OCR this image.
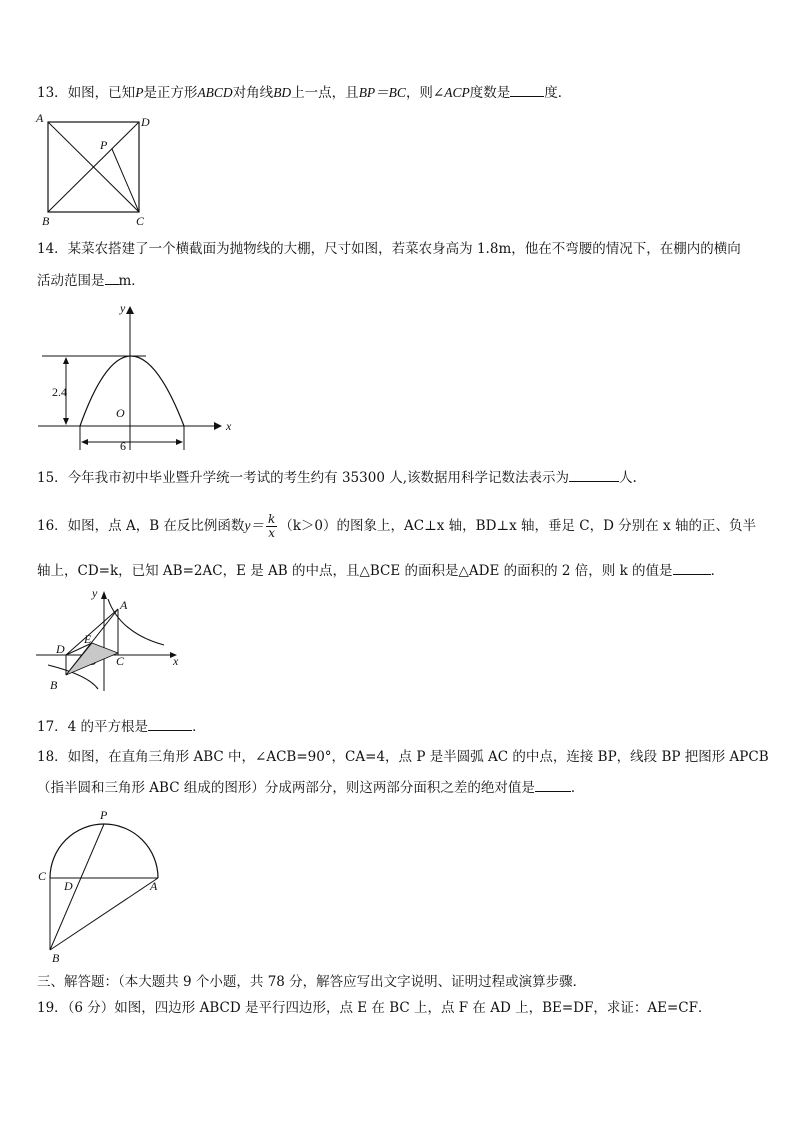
13．如图，已知P是正方形ABCD对角线BD上一点，且BP＝BC，则∠ACP度数是	度．
A	D
B	C
P
14．某菜农搭建了一个横截面为抛物线的大棚，尺寸如图，若菜农身高为 1.8m，他在不弯腰的情况下，在棚内的横向
活动范围是 m．
x
y
O
2.4
6
15．今年我市初中毕业暨升学统一考试的考生约有 35300 人,该数据用科学记数法表示为	人.
16．如图，点 A，B 在反比例函数$y= \frac{k}{x} (k>0)$的图象上，AC⊥x 轴，BD⊥x 轴，垂足 C，D 分别在 x 轴的正、负半
轴上，CD=k，已知 AB=2AC，E 是 AB 的中点，且△BCE 的面积是△ADE 的面积的 2 倍，则 k 的值是	．
x
y
A
B
C
D
E
17．4 的平方根是	．
18．如图，在直角三角形 ABC 中，∠ACB=90°，CA=4，点 P 是半圆弧 AC 的中点，连接 BP，线段 BP 把图形 APCB
（指半圆和三角形 ABC 组成的图形）分成两部分，则这两部分面积之差的绝对值是	．
P
C
D	A
B
三、解答题：（本大题共 9 个小题，共 78 分，解答应写出文字说明、证明过程或演算步骤．
19．（6 分）如图，四边形 ABCD 是平行四边形，点 E 在 BC 上，点 F 在 AD 上，BE=DF，求证：AE=CF．
